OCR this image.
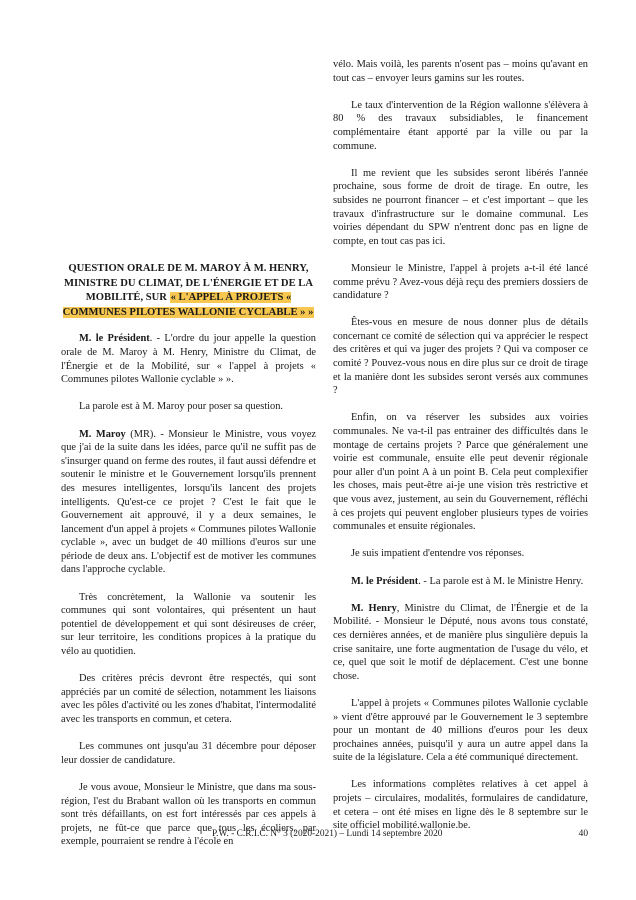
QUESTION ORALE DE M. MAROY À M. HENRY, MINISTRE DU CLIMAT, DE L'ÉNERGIE ET DE LA MOBILITÉ, SUR « L'APPEL À PROJETS « COMMUNES PILOTES WALLONIE CYCLABLE » »

M. le Président. - L'ordre du jour appelle la question orale de M. Maroy à M. Henry, Ministre du Climat, de l'Énergie et de la Mobilité, sur « l'appel à projets « Communes pilotes Wallonie cyclable » ».

La parole est à M. Maroy pour poser sa question.

M. Maroy (MR). - Monsieur le Ministre, vous voyez que j'ai de la suite dans les idées, parce qu'il ne suffit pas de s'insurger quand on ferme des routes, il faut aussi défendre et soutenir le ministre et le Gouvernement lorsqu'ils prennent des mesures intelligentes, lorsqu'ils lancent des projets intelligents. Qu'est-ce ce projet ? C'est le fait que le Gouvernement ait approuvé, il y a deux semaines, le lancement d'un appel à projets « Communes pilotes Wallonie cyclable », avec un budget de 40 millions d'euros sur une période de deux ans. L'objectif est de motiver les communes dans l'approche cyclable.

Très concrètement, la Wallonie va soutenir les communes qui sont volontaires, qui présentent un haut potentiel de développement et qui sont désireuses de créer, sur leur territoire, les conditions propices à la pratique du vélo au quotidien.

Des critères précis devront être respectés, qui sont appréciés par un comité de sélection, notamment les liaisons avec les pôles d'activité ou les zones d'habitat, l'intermodalité avec les transports en commun, et cetera.

Les communes ont jusqu'au 31 décembre pour déposer leur dossier de candidature.

Je vous avoue, Monsieur le Ministre, que dans ma sous-région, l'est du Brabant wallon où les transports en commun sont très défaillants, on est fort intéressés par ces appels à projets, ne fût-ce que parce que tous les écoliers, par exemple, pourraient se rendre à l'école en

vélo. Mais voilà, les parents n'osent pas – moins qu'avant en tout cas – envoyer leurs gamins sur les routes.

Le taux d'intervention de la Région wallonne s'élèvera à 80 % des travaux subsidiables, le financement complémentaire étant apporté par la ville ou par la commune.

Il me revient que les subsides seront libérés l'année prochaine, sous forme de droit de tirage. En outre, les subsides ne pourront financer – et c'est important – que les travaux d'infrastructure sur le domaine communal. Les voiries dépendant du SPW n'entrent donc pas en ligne de compte, en tout cas pas ici.

Monsieur le Ministre, l'appel à projets a-t-il été lancé comme prévu ? Avez-vous déjà reçu des premiers dossiers de candidature ?

Êtes-vous en mesure de nous donner plus de détails concernant ce comité de sélection qui va apprécier le respect des critères et qui va juger des projets ? Qui va composer ce comité ? Pouvez-vous nous en dire plus sur ce droit de tirage et la manière dont les subsides seront versés aux communes ?

Enfin, on va réserver les subsides aux voiries communales. Ne va-t-il pas entrainer des difficultés dans le montage de certains projets ? Parce que généralement une voirie est communale, ensuite elle peut devenir régionale pour aller d'un point A à un point B. Cela peut complexifier les choses, mais peut-être ai-je une vision très restrictive et que vous avez, justement, au sein du Gouvernement, réfléchi à ces projets qui peuvent englober plusieurs types de voiries communales et ensuite régionales.

Je suis impatient d'entendre vos réponses.

M. le Président. - La parole est à M. le Ministre Henry.

M. Henry, Ministre du Climat, de l'Énergie et de la Mobilité. - Monsieur le Député, nous avons tous constaté, ces dernières années, et de manière plus singulière depuis la crise sanitaire, une forte augmentation de l'usage du vélo, et ce, quel que soit le motif de déplacement. C'est une bonne chose.

L'appel à projets « Communes pilotes Wallonie cyclable » vient d'être approuvé par le Gouvernement le 3 septembre pour un montant de 40 millions d'euros pour les deux prochaines années, puisqu'il y aura un autre appel dans la suite de la législature. Cela a été communiqué directement.

Les informations complètes relatives à cet appel à projets – circulaires, modalités, formulaires de candidature, et cetera – ont été mises en ligne dès le 8 septembre sur le site officiel mobilité.wallonie.be.

P.W. - C.R.I.C. N° 3 (2020-2021) – Lundi 14 septembre 2020	40
